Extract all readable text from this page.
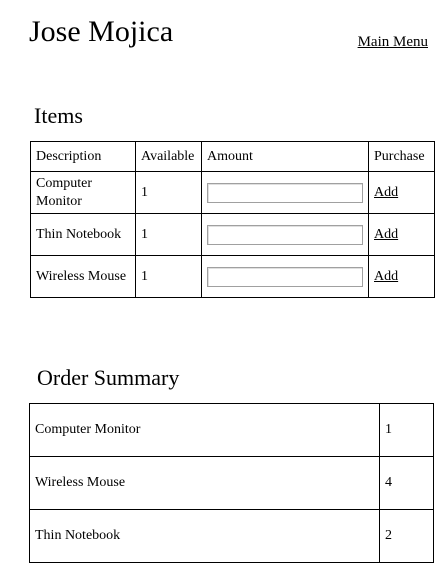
Jose Mojica	Main Menu
Items
Description	Available	Amount	Purchase
Computer Monitor	1		Add
Thin Notebook	1		Add
Wireless Mouse	1		Add
Order Summary
Computer Monitor	1
Wireless Mouse	4
Thin Notebook	2
